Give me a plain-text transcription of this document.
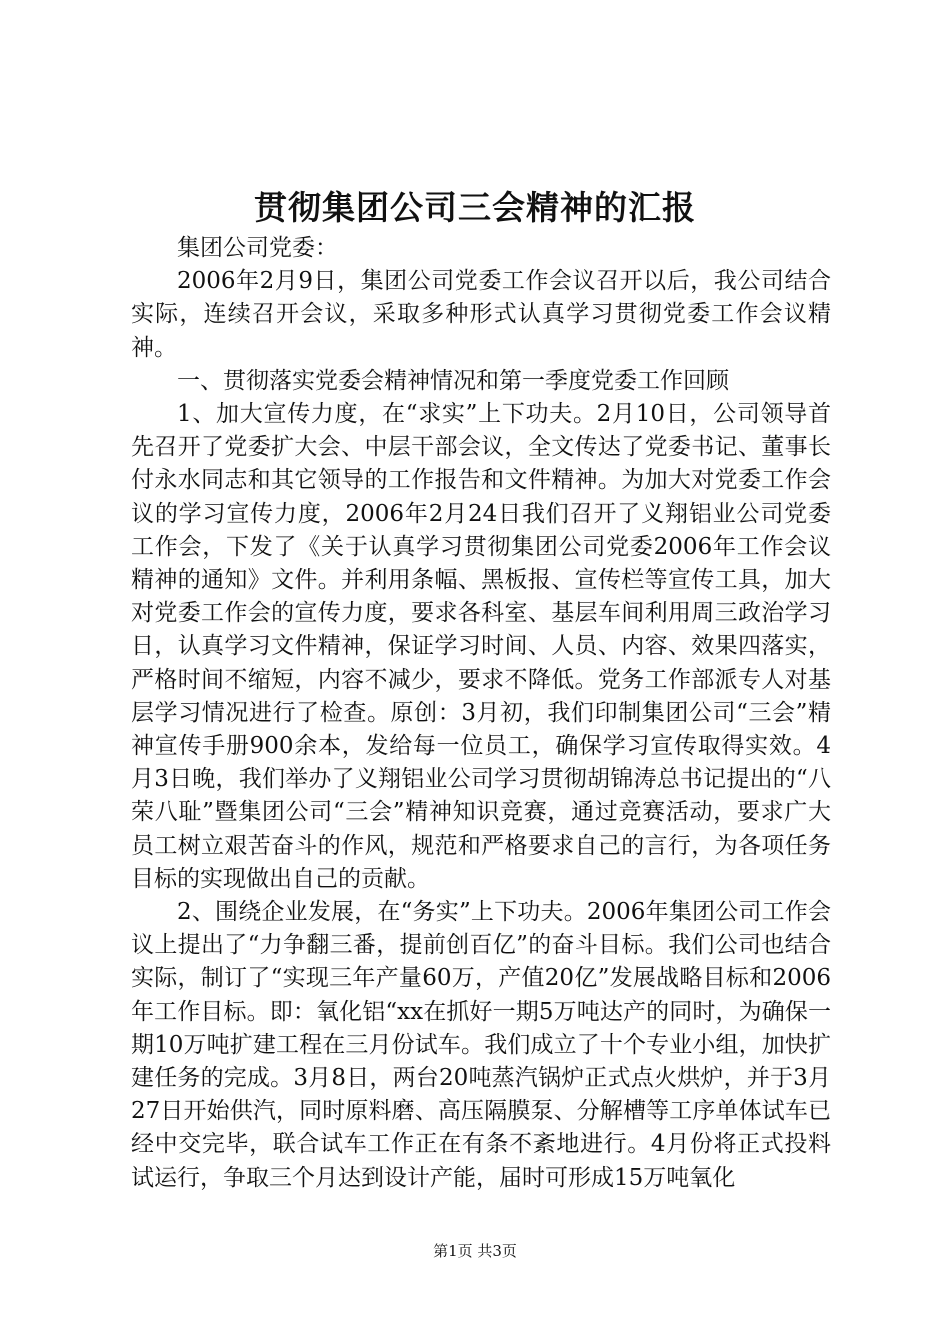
贯彻集团公司三会精神的汇报

集团公司党委：

2006年2月9日，集团公司党委工作会议召开以后，我公司结合实际，连续召开会议，采取多种形式认真学习贯彻党委工作会议精神。

一、贯彻落实党委会精神情况和第一季度党委工作回顾

1、加大宣传力度，在“求实”上下功夫。2月10日，公司领导首先召开了党委扩大会、中层干部会议，全文传达了党委书记、董事长付永水同志和其它领导的工作报告和文件精神。为加大对党委工作会议的学习宣传力度，2006年2月24日我们召开了义翔铝业公司党委工作会，下发了《关于认真学习贯彻集团公司党委2006年工作会议精神的通知》文件。并利用条幅、黑板报、宣传栏等宣传工具，加大对党委工作会的宣传力度，要求各科室、基层车间利用周三政治学习日，认真学习文件精神，保证学习时间、人员、内容、效果四落实，严格时间不缩短，内容不减少，要求不降低。党务工作部派专人对基层学习情况进行了检查。原创：3月初，我们印制集团公司“三会”精神宣传手册900余本，发给每一位员工，确保学习宣传取得实效。4月3日晚，我们举办了义翔铝业公司学习贯彻胡锦涛总书记提出的“八荣八耻”暨集团公司“三会”精神知识竞赛，通过竞赛活动，要求广大员工树立艰苦奋斗的作风，规范和严格要求自己的言行，为各项任务目标的实现做出自己的贡献。

2、围绕企业发展，在“务实”上下功夫。2006年集团公司工作会议上提出了“力争翻三番，提前创百亿”的奋斗目标。我们公司也结合实际，制订了“实现三年产量60万，产值20亿”发展战略目标和2006年工作目标。即：氧化铝“xx在抓好一期5万吨达产的同时，为确保一期10万吨扩建工程在三月份试车。我们成立了十个专业小组，加快扩建任务的完成。3月8日，两台20吨蒸汽锅炉正式点火烘炉，并于3月27日开始供汽，同时原料磨、高压隔膜泵、分解槽等工序单体试车已经中交完毕，联合试车工作正在有条不紊地进行。4月份将正式投料试运行，争取三个月达到设计产能，届时可形成15万吨氧化

第1页 共3页
